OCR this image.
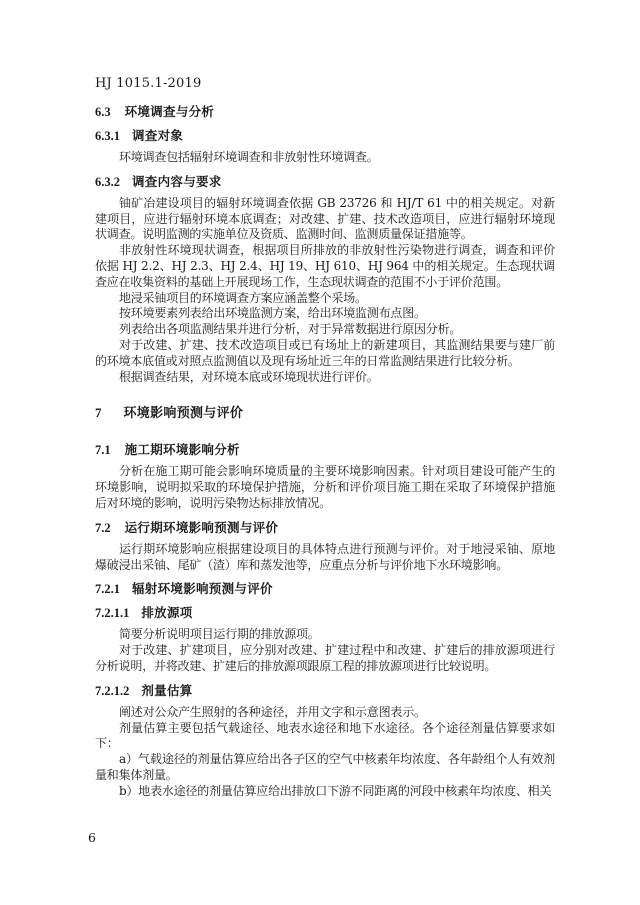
HJ 1015.1-2019
6.3 环境调查与分析
6.3.1 调查对象

环境调查包括辐射环境调查和非放射性环境调查。

6.3.2 调查内容与要求

铀矿冶建设项目的辐射环境调查依据 GB 23726 和 HJ/T 61 中的相关规定。对新建项目，应进行辐射环境本底调查；对改建、扩建、技术改造项目，应进行辐射环境现状调查。说明监测的实施单位及资质、监测时间、监测质量保证措施等。

非放射性环境现状调查，根据项目所排放的非放射性污染物进行调查，调查和评价依据 HJ 2.2、HJ 2.3、HJ 2.4、HJ 19、HJ 610、HJ 964 中的相关规定。生态现状调查应在收集资料的基础上开展现场工作，生态现状调查的范围不小于评价范围。

地浸采铀项目的环境调查方案应涵盖整个采场。

按环境要素列表给出环境监测方案，给出环境监测布点图。

列表给出各项监测结果并进行分析，对于异常数据进行原因分析。

对于改建、扩建、技术改造项目或已有场址上的新建项目，其监测结果要与建厂前的环境本底值或对照点监测值以及现有场址近三年的日常监测结果进行比较分析。

根据调查结果，对环境本底或环境现状进行评价。

7 环境影响预测与评价
7.1 施工期环境影响分析

分析在施工期可能会影响环境质量的主要环境影响因素。针对项目建设可能产生的环境影响，说明拟采取的环境保护措施，分析和评价项目施工期在采取了环境保护措施后对环境的影响，说明污染物达标排放情况。

7.2 运行期环境影响预测与评价

运行期环境影响应根据建设项目的具体特点进行预测与评价。对于地浸采铀、原地爆破浸出采铀、尾矿（渣）库和蒸发池等，应重点分析与评价地下水环境影响。

7.2.1 辐射环境影响预测与评价
7.2.1.1 排放源项

简要分析说明项目运行期的排放源项。

对于改建、扩建项目，应分别对改建、扩建过程中和改建、扩建后的排放源项进行分析说明，并将改建、扩建后的排放源项跟原工程的排放源项进行比较说明。

7.2.1.2 剂量估算

阐述对公众产生照射的各种途径，并用文字和示意图表示。

剂量估算主要包括气载途径、地表水途径和地下水途径。各个途径剂量估算要求如下：

a）气载途径的剂量估算应给出各子区的空气中核素年均浓度、各年龄组个人有效剂量和集体剂量。

b）地表水途径的剂量估算应给出排放口下游不同距离的河段中核素年均浓度、相关

6
